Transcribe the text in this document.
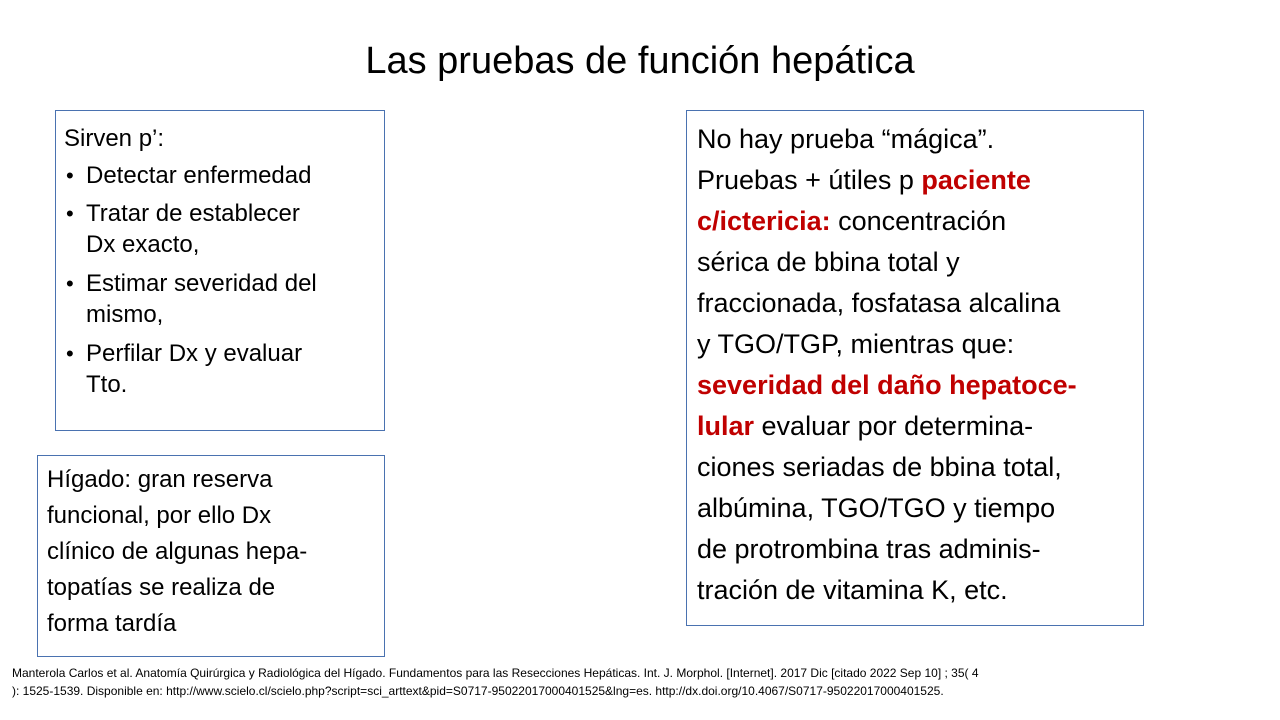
Las pruebas de función hepática
Sirven p’:
• Detectar enfermedad
• Tratar de establecer
Dx exacto,
• Estimar severidad del
mismo,
• Perfilar Dx y evaluar
Tto.

Hígado: gran reserva

funcional, por ello Dx

clínico de algunas hepa-

topatías se realiza de

forma tardía

No hay prueba “mágica”.

Pruebas + útiles p paciente

c/ictericia: concentración

sérica de bbina total y

fraccionada, fosfatasa alcalina

y TGO/TGP, mientras que:

severidad del daño hepatoce-

lular evaluar por determina-

ciones seriadas de bbina total,

albúmina, TGO/TGO y tiempo

de protrombina tras adminis-

tración de vitamina K, etc.

Manterola Carlos et al. Anatomía Quirúrgica y Radiológica del Hígado. Fundamentos para las Resecciones Hepáticas. Int. J. Morphol. [Internet]. 2017 Dic [citado 2022 Sep 10] ; 35( 4
): 1525-1539. Disponible en: http://www.scielo.cl/scielo.php?script=sci_arttext&pid=S0717-95022017000401525&lng=es. http://dx.doi.org/10.4067/S0717-95022017000401525.
